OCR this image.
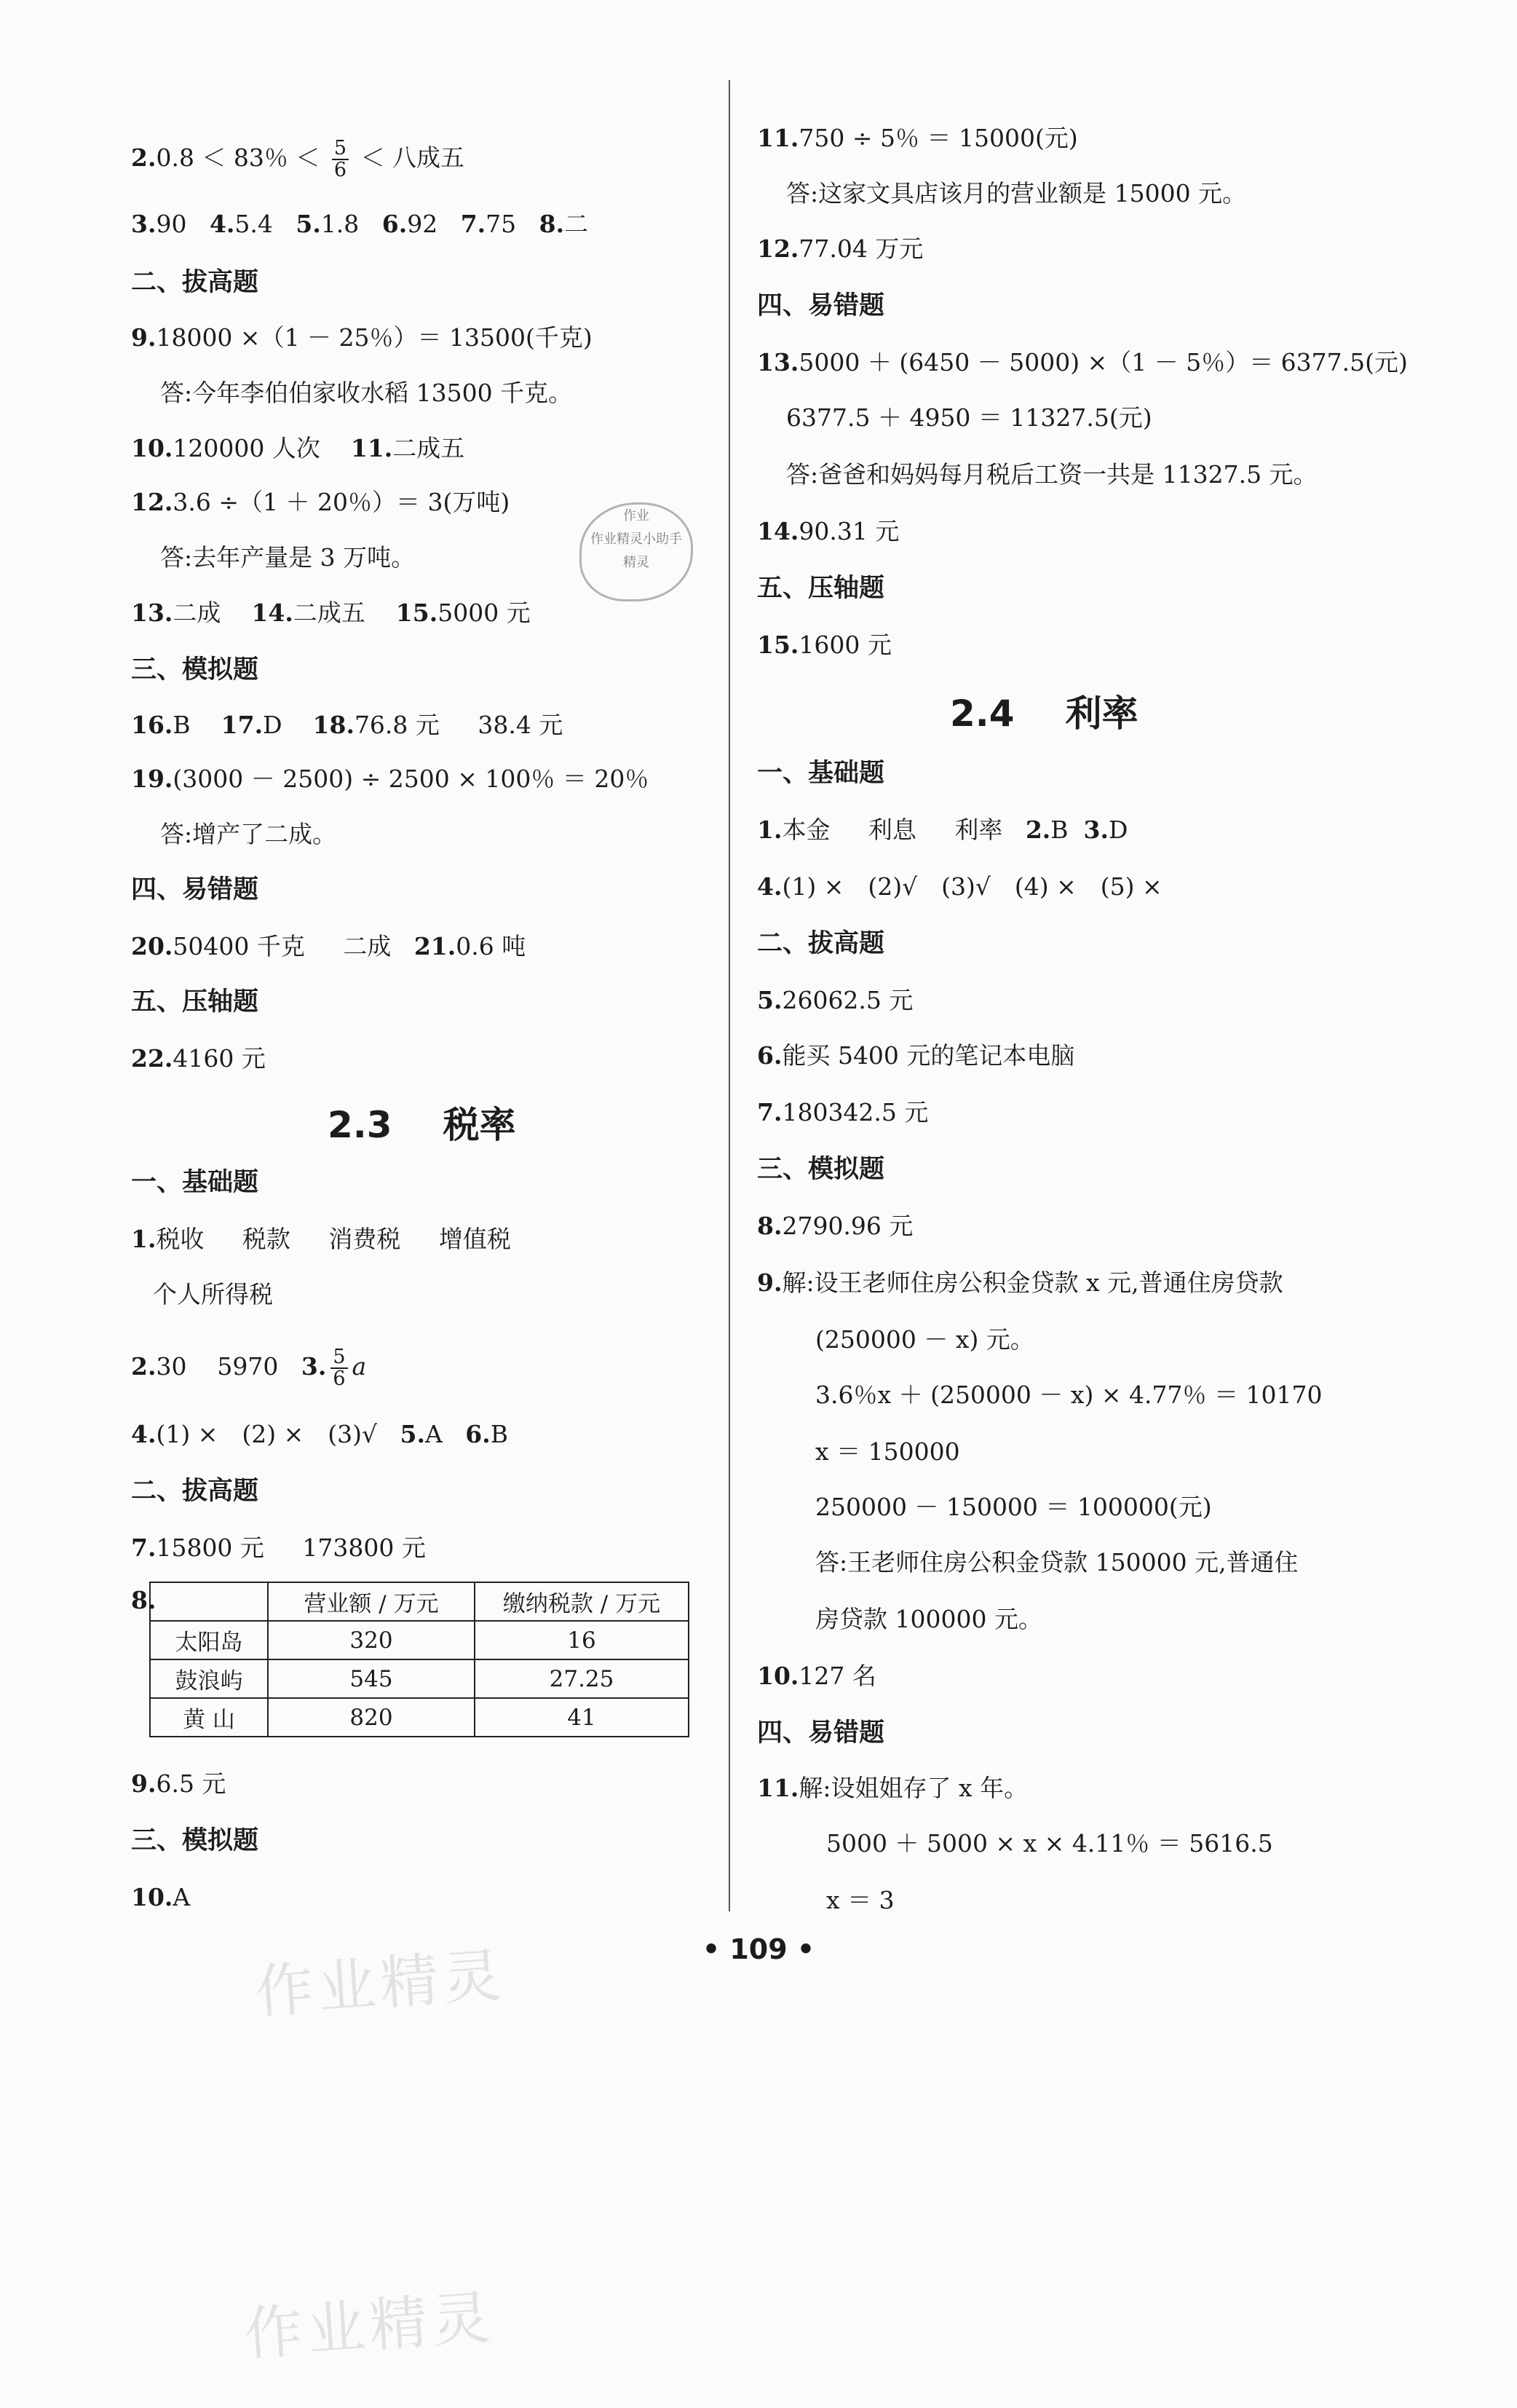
2.0.8 ＜ 83％ ＜ $\frac{5}{6}$ ＜ 八成五
3.90 4.5.4 5.1.8 6.92 7.75 8.二
二、拔高题
9.18000 ×（1 － 25％）＝ 13500(千克)
答:今年李伯伯家收水稻 13500 千克。
10.120000 人次 11.二成五
12.3.6 ÷（1 ＋ 20％）＝ 3(万吨)
答:去年产量是 3 万吨。
13.二成 14.二成五 15.5000 元
三、模拟题
16.B 17.D 18.76.8 元 38.4 元
19.(3000 － 2500) ÷ 2500 × 100％ ＝ 20％
答:增产了二成。
四、易错题
20.50400 千克 二成 21.0.6 吨
五、压轴题
22.4160 元
2.3 税率
一、基础题
1.税收 税款 消费税 增值税
个人所得税
2.30 5970 3. $\frac{5}{6}$ a
4.(1) ×　(2) ×　(3)√ 5.A 6.B
二、拔高题
7.15800 元 173800 元
8.
		营业额 / 万元	缴纳税款 / 万元
太阳岛	320	16
鼓浪屿	545	27.25
黄 山	820	41
9.6.5 元
三、模拟题
10.A
11.750 ÷ 5％ ＝ 15000(元)
答:这家文具店该月的营业额是 15000 元。
12.77.04 万元
四、易错题
13.5000 ＋ (6450 － 5000) ×（1 － 5％）＝ 6377.5(元)
6377.5 ＋ 4950 ＝ 11327.5(元)
答:爸爸和妈妈每月税后工资一共是 11327.5 元。
14.90.31 元
五、压轴题
15.1600 元
2.4 利率
一、基础题
1.本金 利息 利率 2.B 3.D
4.(1) ×　(2)√　(3)√　(4) ×　(5) ×
二、拔高题
5.26062.5 元
6.能买 5400 元的笔记本电脑
7.180342.5 元
三、模拟题
8.2790.96 元
9.解:设王老师住房公积金贷款 x 元,普通住房贷款
(250000 － x) 元。
3.6％x ＋ (250000 － x) × 4.77％ ＝ 10170
x ＝ 150000
250000 － 150000 ＝ 100000(元)
答:王老师住房公积金贷款 150000 元,普通住
房贷款 100000 元。
10.127 名
四、易错题
11.解:设姐姐存了 x 年。
5000 ＋ 5000 × x × 4.11％ ＝ 5616.5
x ＝ 3
• 109 •
作业
作业精灵小助手
精灵
作业精灵
作业精灵
